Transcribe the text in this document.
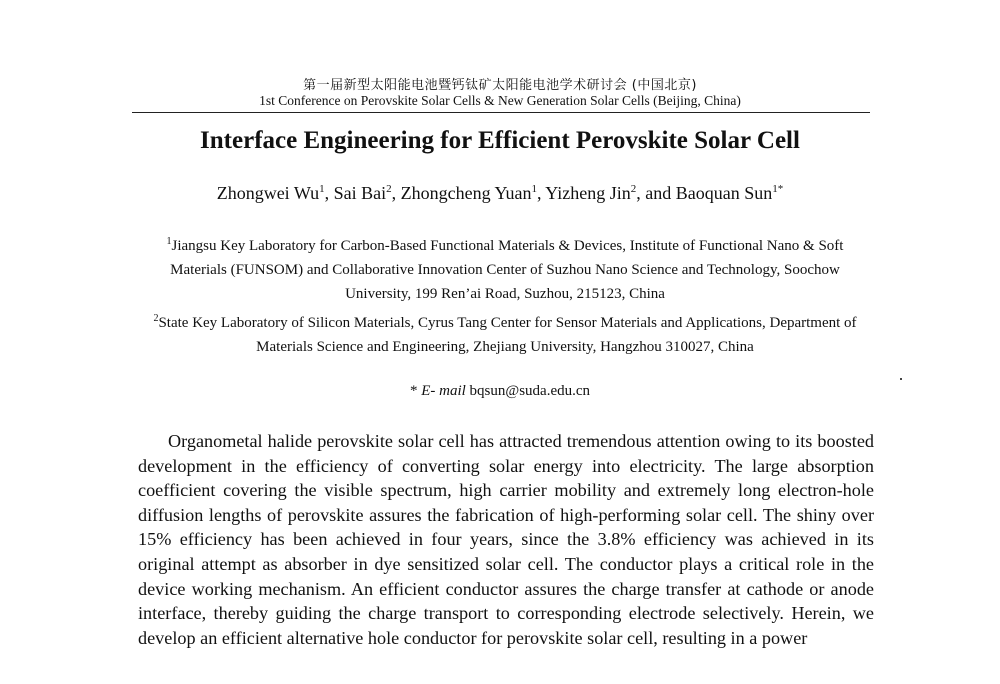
第一届新型太阳能电池暨钙钛矿太阳能电池学术研讨会 (中国北京)
1st Conference on Perovskite Solar Cells & New Generation Solar Cells (Beijing, China)
Interface Engineering for Efficient Perovskite Solar Cell
Zhongwei Wu$^1$, Sai Bai$^2$, Zhongcheng Yuan$^1$, Yizheng Jin$^2$, and Baoquan Sun$^{1*}$
$^1$Jiangsu Key Laboratory for Carbon-Based Functional Materials & Devices, Institute of Functional Nano & Soft Materials (FUNSOM) and Collaborative Innovation Center of Suzhou Nano Science and Technology, Soochow University, 199 Ren’ai Road, Suzhou, 215123, China
$^2$State Key Laboratory of Silicon Materials, Cyrus Tang Center for Sensor Materials and Applications, Department of Materials Science and Engineering, Zhejiang University, Hangzhou 310027, China
* E- mail bqsun@suda.edu.cn

Organometal halide perovskite solar cell has attracted tremendous attention owing to its boosted development in the efficiency of converting solar energy into electricity. The large absorption coefficient covering the visible spectrum, high carrier mobility and extremely long electron-hole diffusion lengths of perovskite assures the fabrication of high-performing solar cell. The shiny over 15% efficiency has been achieved in four years, since the 3.8% efficiency was achieved in its original attempt as absorber in dye sensitized solar cell. The conductor plays a critical role in the device working mechanism. An efficient conductor assures the charge transfer at cathode or anode interface, thereby guiding the charge transport to corresponding electrode selectively. Herein, we develop an efficient alternative hole conductor for perovskite solar cell, resulting in a power
